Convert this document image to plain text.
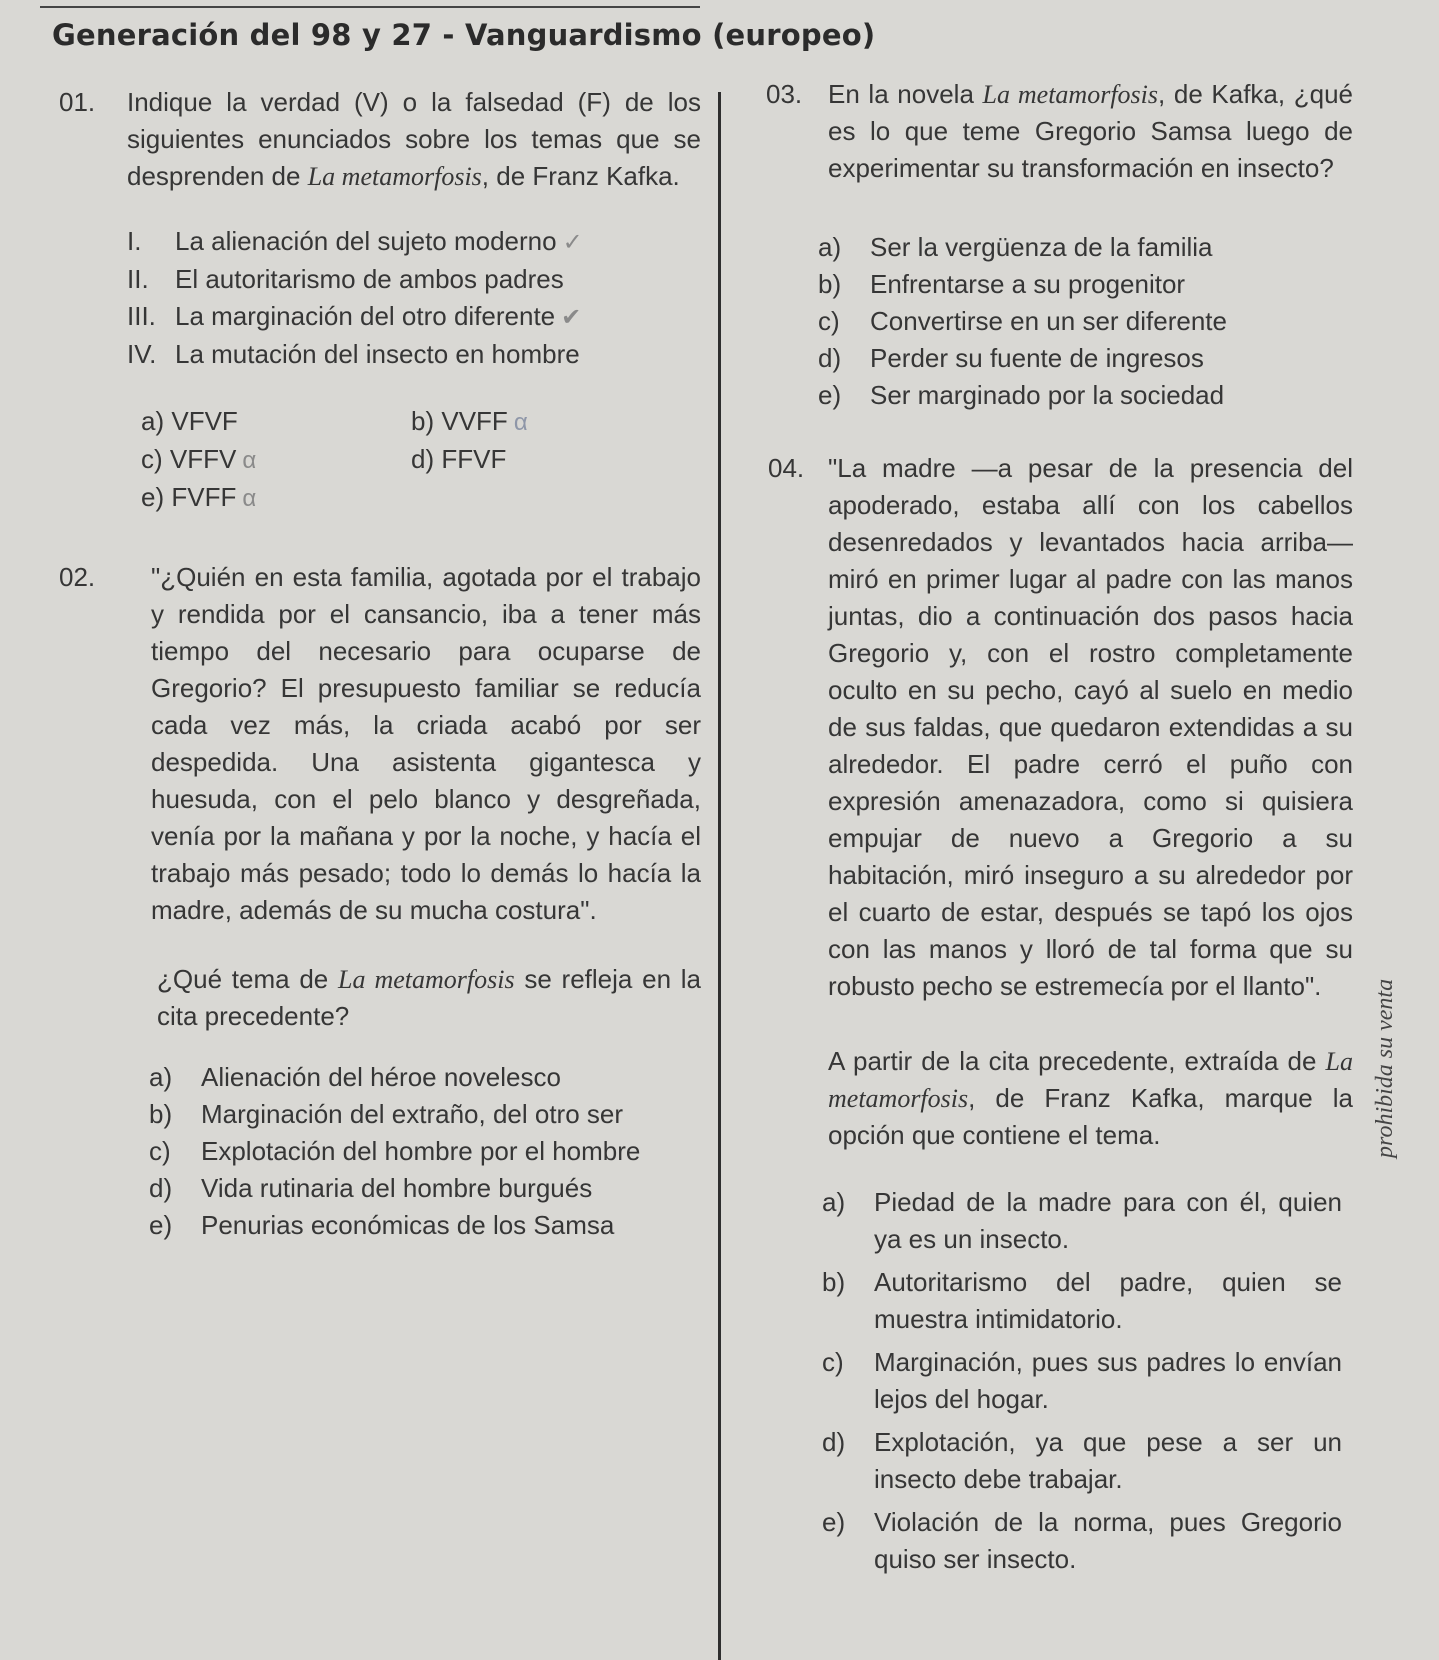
Generación del 98 y 27 - Vanguardismo (europeo)
01. Indique la verdad (V) o la falsedad (F) de los siguientes enunciados sobre los temas que se desprenden de La metamorfosis, de Franz Kafka.
I. La alienación del sujeto moderno ✓
II. El autoritarismo de ambos padres
III. La marginación del otro diferente ✔
IV. La mutación del insecto en hombre
a) VFVF	b) VVFF α
c) VFFV α	d) FFVF
e) FVFF α
02. "¿Quién en esta familia, agotada por el trabajo y rendida por el cansancio, iba a tener más tiempo del necesario para ocuparse de Gregorio? El presupuesto familiar se reducía cada vez más, la criada acabó por ser despedida. Una asistenta gigantesca y huesuda, con el pelo blanco y desgreñada, venía por la mañana y por la noche, y hacía el trabajo más pesado; todo lo demás lo hacía la madre, además de su mucha costura".
¿Qué tema de La metamorfosis se refleja en la cita precedente?
a) Alienación del héroe novelesco
b) Marginación del extraño, del otro ser
c) Explotación del hombre por el hombre
d) Vida rutinaria del hombre burgués
e) Penurias económicas de los Samsa
03. En la novela La metamorfosis, de Kafka, ¿qué es lo que teme Gregorio Samsa luego de experimentar su transformación en insecto?
a) Ser la vergüenza de la familia
b) Enfrentarse a su progenitor
c) Convertirse en un ser diferente
d) Perder su fuente de ingresos
e) Ser marginado por la sociedad
04. "La madre —a pesar de la presencia del apoderado, estaba allí con los cabellos desenredados y levantados hacia arriba— miró en primer lugar al padre con las manos juntas, dio a continuación dos pasos hacia Gregorio y, con el rostro completamente oculto en su pecho, cayó al suelo en medio de sus faldas, que quedaron extendidas a su alrededor. El padre cerró el puño con expresión amenazadora, como si quisiera empujar de nuevo a Gregorio a su habitación, miró inseguro a su alrededor por el cuarto de estar, después se tapó los ojos con las manos y lloró de tal forma que su robusto pecho se estremecía por el llanto".
A partir de la cita precedente, extraída de La metamorfosis, de Franz Kafka, marque la opción que contiene el tema.
a) Piedad de la madre para con él, quien ya es un insecto.
b) Autoritarismo del padre, quien se muestra intimidatorio.
c) Marginación, pues sus padres lo envían lejos del hogar.
d) Explotación, ya que pese a ser un insecto debe trabajar.
e) Violación de la norma, pues Gregorio quiso ser insecto.
prohibida su venta
